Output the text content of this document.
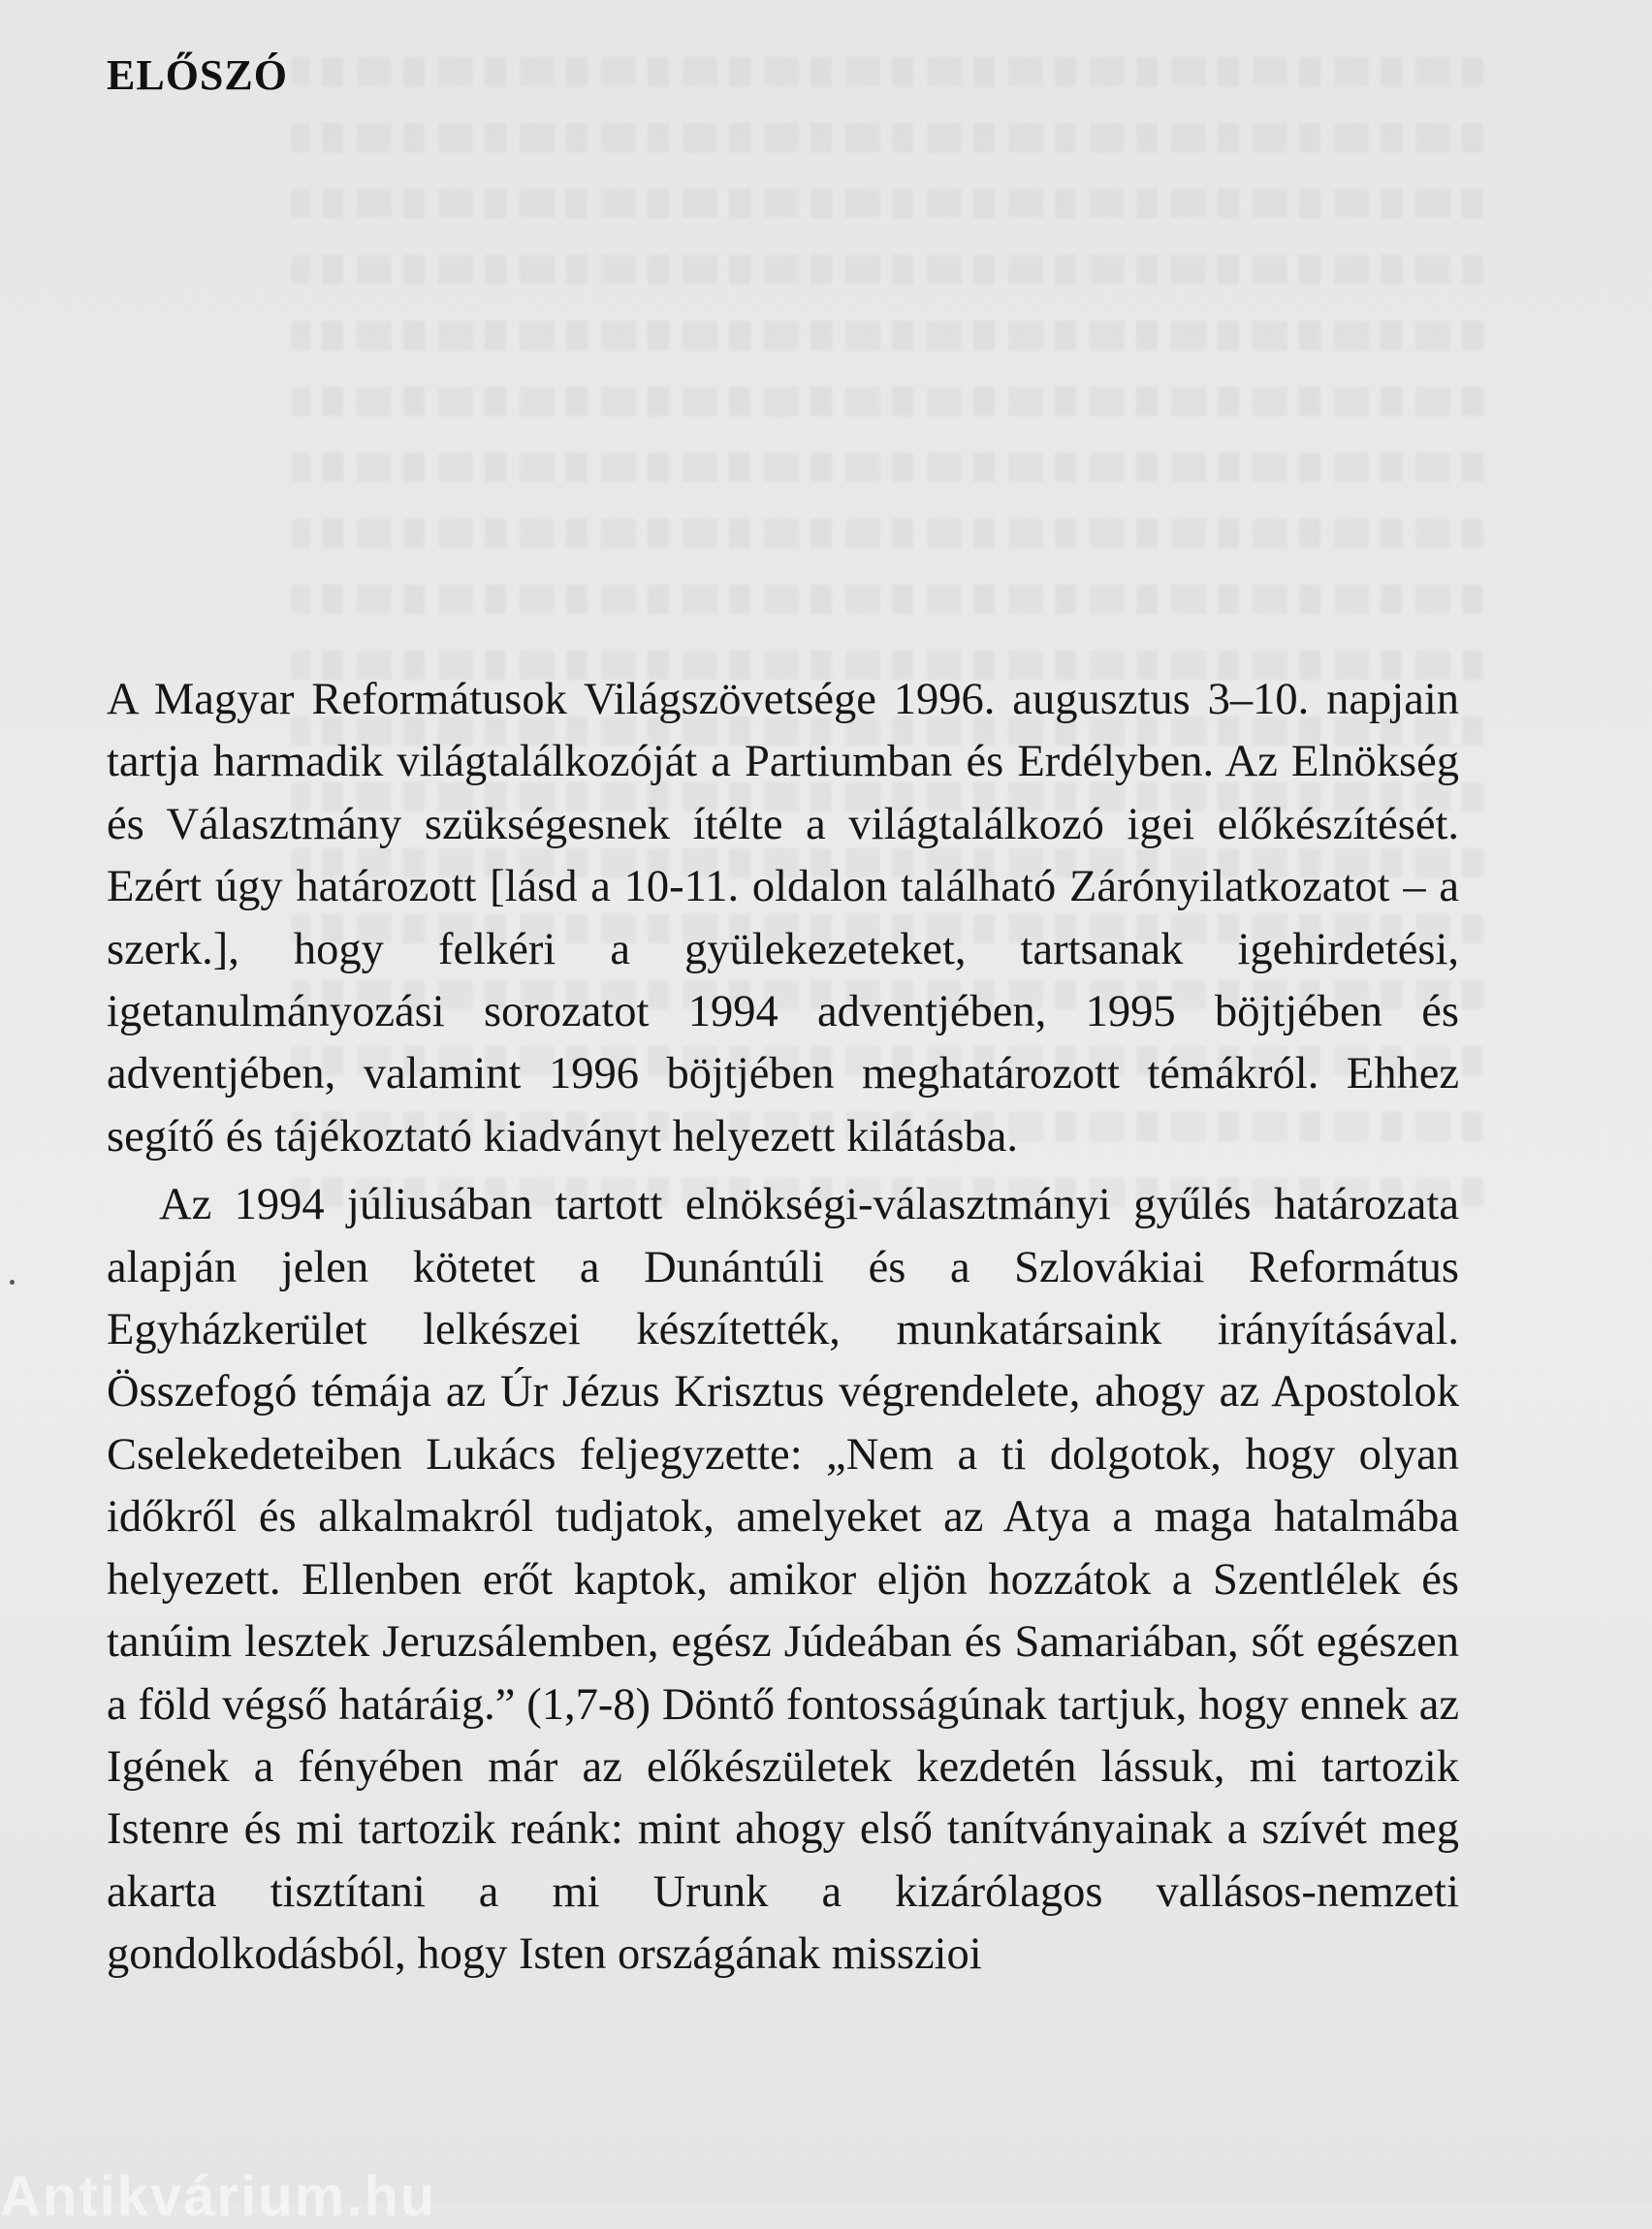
ELŐSZÓ

A Magyar Reformátusok Világszövetsége 1996. augusztus 3–10. napjain tartja harmadik világtalálkozóját a Partiumban és Erdélyben. Az Elnökség és Választmány szükségesnek ítélte a világtalálkozó igei előkészítését. Ezért úgy határozott [lásd a 10-11. oldalon található Zárónyilatkozatot – a szerk.], hogy felkéri a gyülekezeteket, tartsanak igehirdetési, igetanulmányozási sorozatot 1994 adventjében, 1995 böjtjében és adventjében, valamint 1996 böjtjében meghatározott témákról. Ehhez segítő és tájékoztató kiadványt helyezett kilátásba.

Az 1994 júliusában tartott elnökségi-választmányi gyűlés határozata alapján jelen kötetet a Dunántúli és a Szlovákiai Református Egyházkerület lelkészei készítették, munkatársaink irányításával. Összefogó témája az Úr Jézus Krisztus végrendelete, ahogy az Apostolok Cselekedeteiben Lukács feljegyzette: „Nem a ti dolgotok, hogy olyan időkről és alkalmakról tudjatok, amelyeket az Atya a maga hatalmába helyezett. Ellenben erőt kaptok, amikor eljön hozzátok a Szentlélek és tanúim lesztek Jeruzsálemben, egész Júdeában és Samariában, sőt egészen a föld végső határáig.” (1,7-8) Döntő fontosságúnak tartjuk, hogy ennek az Igének a fényében már az előkészületek kezdetén lássuk, mi tartozik Istenre és mi tartozik reánk: mint ahogy első tanítványainak a szívét meg akarta tisztítani a mi Urunk a kizárólagos vallásos-nemzeti gondolkodásból, hogy Isten országának misszioi

Antikvárium.hu
